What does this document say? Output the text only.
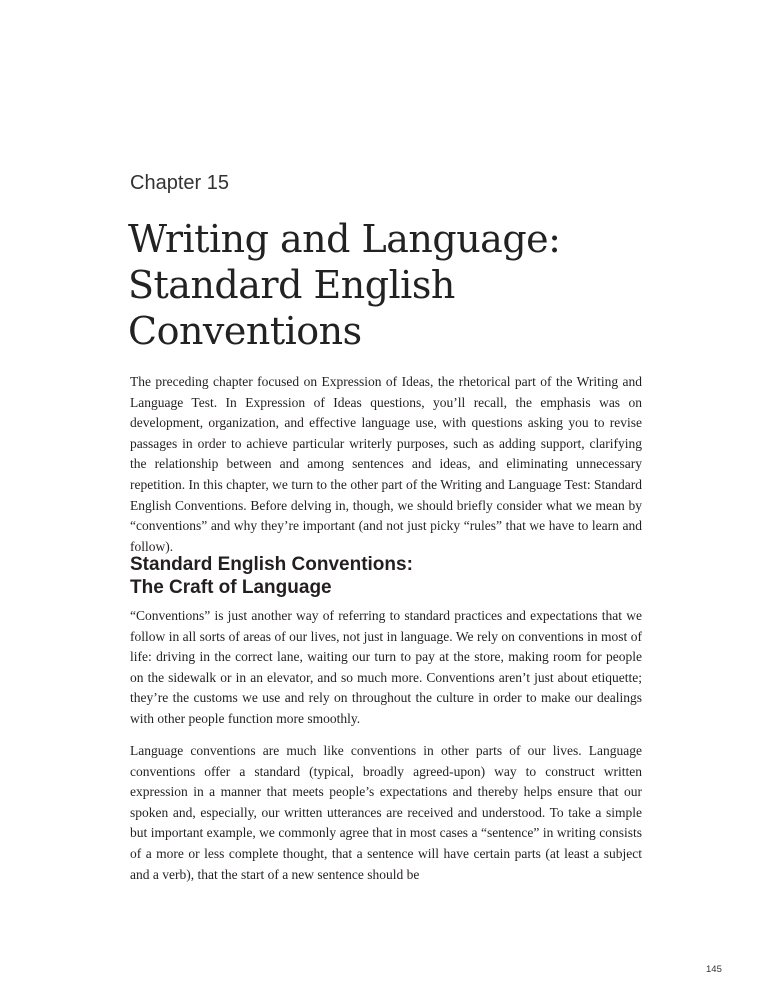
Chapter 15
Writing and Language:
Standard English
Conventions

The preceding chapter focused on Expression of Ideas, the rhetorical part of the Writing and Language Test. In Expression of Ideas questions, you’ll recall, the emphasis was on development, organization, and effective language use, with questions asking you to revise passages in order to achieve particular writerly purposes, such as adding support, clarifying the relationship between and among sentences and ideas, and eliminating unnecessary repetition. In this chapter, we turn to the other part of the Writing and Language Test: Standard English Conventions. Before delving in, though, we should briefly consider what we mean by “conventions” and why they’re important (and not just picky “rules” that we have to learn and follow).

Standard English Conventions:
The Craft of Language

“Conventions” is just another way of referring to standard practices and expectations that we follow in all sorts of areas of our lives, not just in language. We rely on conventions in most of life: driving in the correct lane, waiting our turn to pay at the store, making room for people on the sidewalk or in an elevator, and so much more. Conventions aren’t just about etiquette; they’re the customs we use and rely on throughout the culture in order to make our dealings with other people function more smoothly.

Language conventions are much like conventions in other parts of our lives. Language conventions offer a standard (typical, broadly agreed-upon) way to construct written expression in a manner that meets people’s expectations and thereby helps ensure that our spoken and, especially, our written utterances are received and understood. To take a simple but important example, we commonly agree that in most cases a “sentence” in writing consists of a more or less complete thought, that a sentence will have certain parts (at least a subject and a verb), that the start of a new sentence should be

145
